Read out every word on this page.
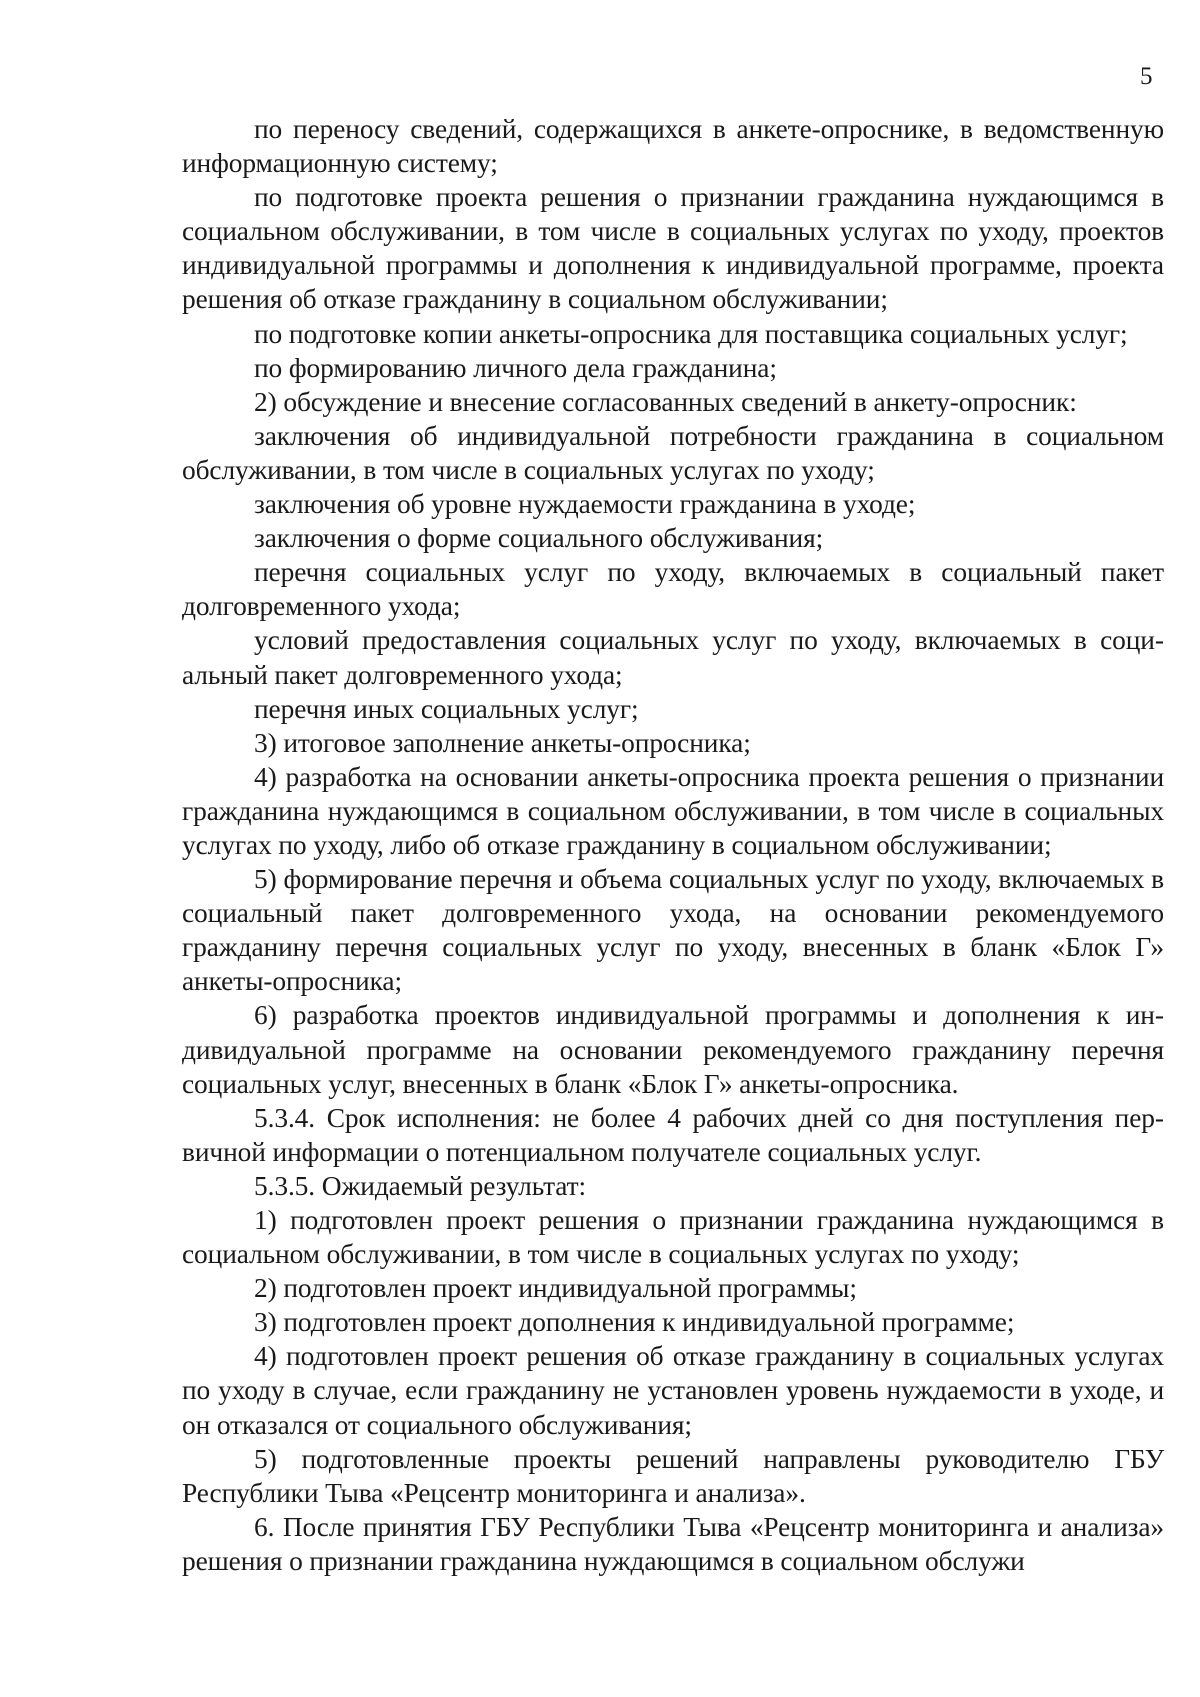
5

по переносу сведений, содержащихся в анкете-опроснике, в ведомственную информационную систему;

по подготовке проекта решения о признании гражданина нуждающимся в социальном обслуживании, в том числе в социальных услугах по уходу, проектов индивидуальной программы и дополнения к индивидуальной программе, проекта решения об отказе гражданину в социальном обслуживании;

по подготовке копии анкеты-опросника для поставщика социальных услуг;

по формированию личного дела гражданина;

2) обсуждение и внесение согласованных сведений в анкету-опросник:

заключения об индивидуальной потребности гражданина в социальном обслуживании, в том числе в социальных услугах по уходу;

заключения об уровне нуждаемости гражданина в уходе;

заключения о форме социального обслуживания;

перечня социальных услуг по уходу, включаемых в социальный пакет долговременного ухода;

условий предоставления социальных услуг по уходу, включаемых в социальный пакет долговременного ухода;

перечня иных социальных услуг;

3) итоговое заполнение анкеты-опросника;

4) разработка на основании анкеты-опросника проекта решения о признании гражданина нуждающимся в социальном обслуживании, в том числе в социальных услугах по уходу, либо об отказе гражданину в социальном обслуживании;

5) формирование перечня и объема социальных услуг по уходу, включаемых в социальный пакет долговременного ухода, на основании рекомендуемого гражданину перечня социальных услуг по уходу, внесенных в бланк «Блок Г» анкеты-опросника;

6) разработка проектов индивидуальной программы и дополнения к индивидуальной программе на основании рекомендуемого гражданину перечня социальных услуг, внесенных в бланк «Блок Г» анкеты-опросника.

5.3.4. Срок исполнения: не более 4 рабочих дней со дня поступления первичной информации о потенциальном получателе социальных услуг.

5.3.5. Ожидаемый результат:

1) подготовлен проект решения о признании гражданина нуждающимся в социальном обслуживании, в том числе в социальных услугах по уходу;

2) подготовлен проект индивидуальной программы;

3) подготовлен проект дополнения к индивидуальной программе;

4) подготовлен проект решения об отказе гражданину в социальных услугах по уходу в случае, если гражданину не установлен уровень нуждаемости в уходе, и он отказался от социального обслуживания;

5) подготовленные проекты решений направлены руководителю ГБУ Республики Тыва «Рецсентр мониторинга и анализа».

6. После принятия ГБУ Республики Тыва «Рецсентр мониторинга и анализа» решения о признании гражданина нуждающимся в социальном обслужи
